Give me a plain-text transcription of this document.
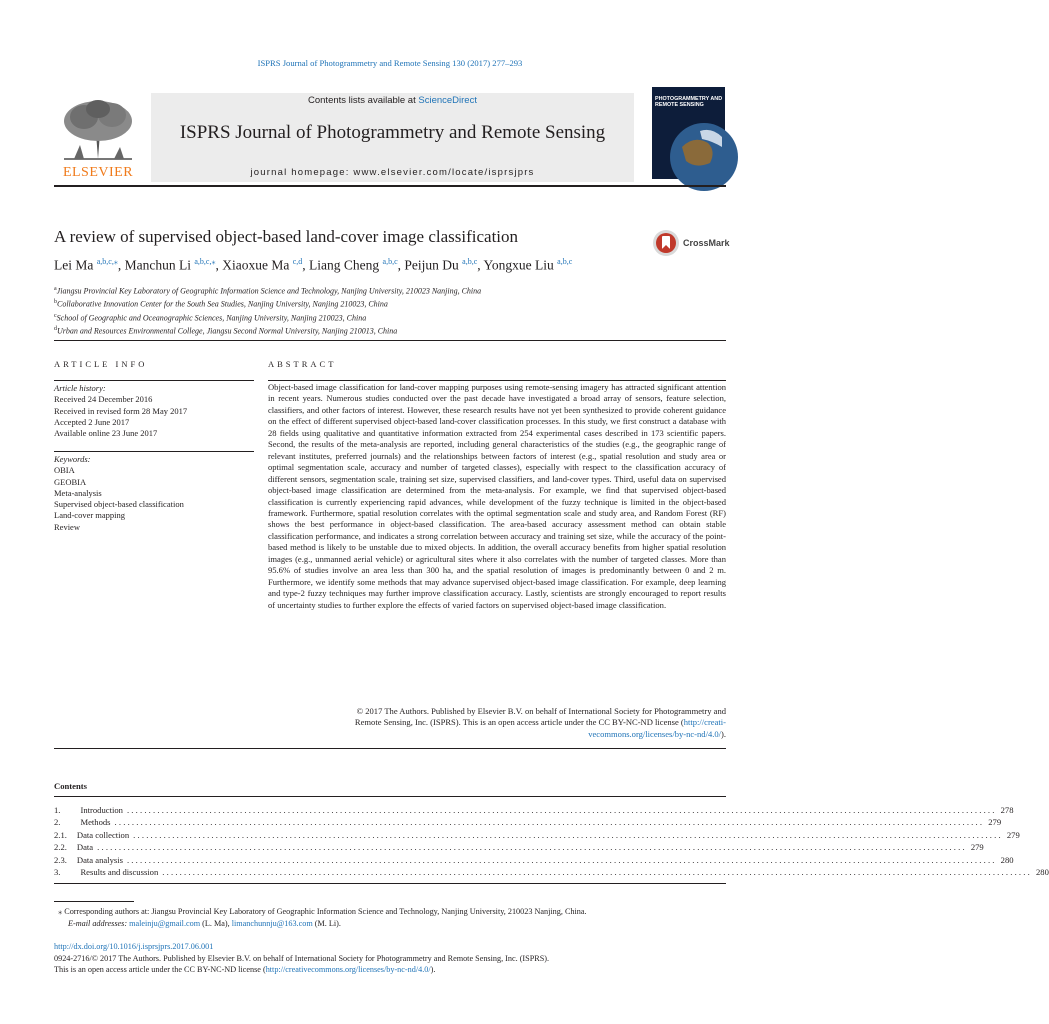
ISPRS Journal of Photogrammetry and Remote Sensing 130 (2017) 277–293
ELSEVIER
Contents lists available at ScienceDirect
ISPRS Journal of Photogrammetry and Remote Sensing
journal homepage: www.elsevier.com/locate/isprsjprs
PHOTOGRAMMETRY AND REMOTE SENSING
A review of supervised object-based land-cover image classification	CrossMark
Lei Ma $^{a,b,c,⁎}$, Manchun Li $^{a,b,c,⁎}$, Xiaoxue Ma $^{c,d}$, Liang Cheng $^{a,b,c}$, Peijun Du $^{a,b,c}$, Yongxue Liu $^{a,b,c}$
$^a$Jiangsu Provincial Key Laboratory of Geographic Information Science and Technology, Nanjing University, 210023 Nanjing, China
$^b$Collaborative Innovation Center for the South Sea Studies, Nanjing University, Nanjing 210023, China
$^c$School of Geographic and Oceanographic Sciences, Nanjing University, Nanjing 210023, China
$^d$Urban and Resources Environmental College, Jiangsu Second Normal University, Nanjing 210013, China
ARTICLE INFO	ABSTRACT
Article history:
Received 24 December 2016
Received in revised form 28 May 2017
Accepted 2 June 2017
Available online 23 June 2017
Keywords:
OBIA
GEOBIA
Meta-analysis
Supervised object-based classification
Land-cover mapping
Review
Object-based image classification for land-cover mapping purposes using remote-sensing imagery has attracted significant attention in recent years. Numerous studies conducted over the past decade have investigated a broad array of sensors, feature selection, classifiers, and other factors of interest. However, these research results have not yet been synthesized to provide coherent guidance on the effect of different supervised object-based land-cover classification processes. In this study, we first construct a database with 28 fields using qualitative and quantitative information extracted from 254 experimental cases described in 173 scientific papers. Second, the results of the meta-analysis are reported, including general characteristics of the studies (e.g., the geographic range of relevant institutes, preferred journals) and the relationships between factors of interest (e.g., spatial resolution and study area or optimal segmentation scale, accuracy and number of targeted classes), especially with respect to the classification accuracy of different sensors, segmentation scale, training set size, supervised classifiers, and land-cover types. Third, useful data on supervised object-based image classification are determined from the meta-analysis. For example, we find that supervised object-based classification is currently experiencing rapid advances, while development of the fuzzy technique is limited in the object-based framework. Furthermore, spatial resolution correlates with the optimal segmentation scale and study area, and Random Forest (RF) shows the best performance in object-based classification. The area-based accuracy assessment method can obtain stable classification performance, and indicates a strong correlation between accuracy and training set size, while the accuracy of the point-based method is likely to be unstable due to mixed objects. In addition, the overall accuracy benefits from higher spatial resolution images (e.g., unmanned aerial vehicle) or agricultural sites where it also correlates with the number of targeted classes. More than 95.6% of studies involve an area less than 300 ha, and the spatial resolution of images is predominantly between 0 and 2 m. Furthermore, we identify some methods that may advance supervised object-based image classification. For example, deep learning and type-2 fuzzy techniques may further improve classification accuracy. Lastly, scientists are strongly encouraged to report results of uncertainty studies to further explore the effects of varied factors on supervised object-based image classification.
© 2017 The Authors. Published by Elsevier B.V. on behalf of International Society for Photogrammetry and
Remote Sensing, Inc. (ISPRS). This is an open access article under the CC BY-NC-ND license (http://creati-
vecommons.org/licenses/by-nc-nd/4.0/).
Contents
1. Introduction ........................................................................................................................................................................................................ 278
2. Methods ........................................................................................................................................................................................................ 279
2.1. Data collection ........................................................................................................................................................................................................ 279
2.2. Data ........................................................................................................................................................................................................ 279
2.3. Data analysis ........................................................................................................................................................................................................ 280
3. Results and discussion ........................................................................................................................................................................................................ 280
⁎ Corresponding authors at: Jiangsu Provincial Key Laboratory of Geographic Information Science and Technology, Nanjing University, 210023 Nanjing, China.
E-mail addresses: maleinju@gmail.com (L. Ma), limanchunnju@163.com (M. Li).
http://dx.doi.org/10.1016/j.isprsjprs.2017.06.001
0924-2716/© 2017 The Authors. Published by Elsevier B.V. on behalf of International Society for Photogrammetry and Remote Sensing, Inc. (ISPRS).
This is an open access article under the CC BY-NC-ND license (http://creativecommons.org/licenses/by-nc-nd/4.0/).
